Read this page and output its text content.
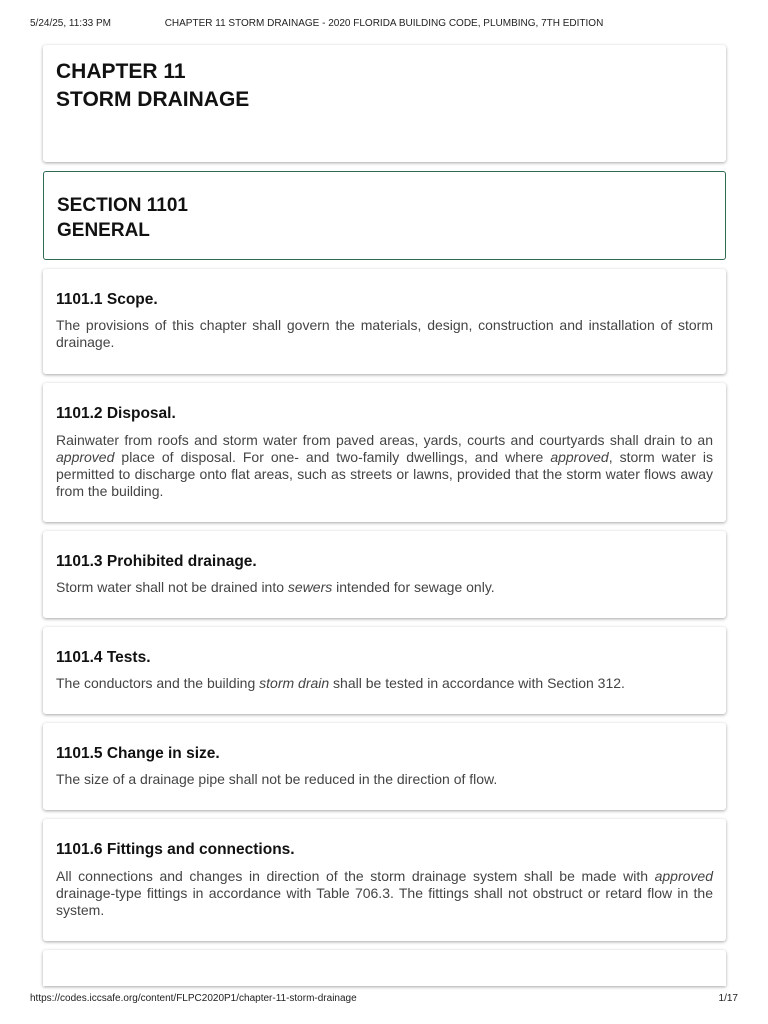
5/24/25, 11:33 PM	CHAPTER 11 STORM DRAINAGE - 2020 FLORIDA BUILDING CODE, PLUMBING, 7TH EDITION
CHAPTER 11
STORM DRAINAGE
SECTION 1101
GENERAL
1101.1 Scope.

The provisions of this chapter shall govern the materials, design, construction and installation of storm drainage.

1101.2 Disposal.

Rainwater from roofs and storm water from paved areas, yards, courts and courtyards shall drain to an approved place of disposal. For one- and two-family dwellings, and where approved, storm water is permitted to discharge onto flat areas, such as streets or lawns, provided that the storm water flows away from the building.

1101.3 Prohibited drainage.

Storm water shall not be drained into sewers intended for sewage only.

1101.4 Tests.

The conductors and the building storm drain shall be tested in accordance with Section 312.

1101.5 Change in size.

The size of a drainage pipe shall not be reduced in the direction of flow.

1101.6 Fittings and connections.

All connections and changes in direction of the storm drainage system shall be made with approved drainage-type fittings in accordance with Table 706.3. The fittings shall not obstruct or retard flow in the system.

https://codes.iccsafe.org/content/FLPC2020P1/chapter-11-storm-drainage	1/17
